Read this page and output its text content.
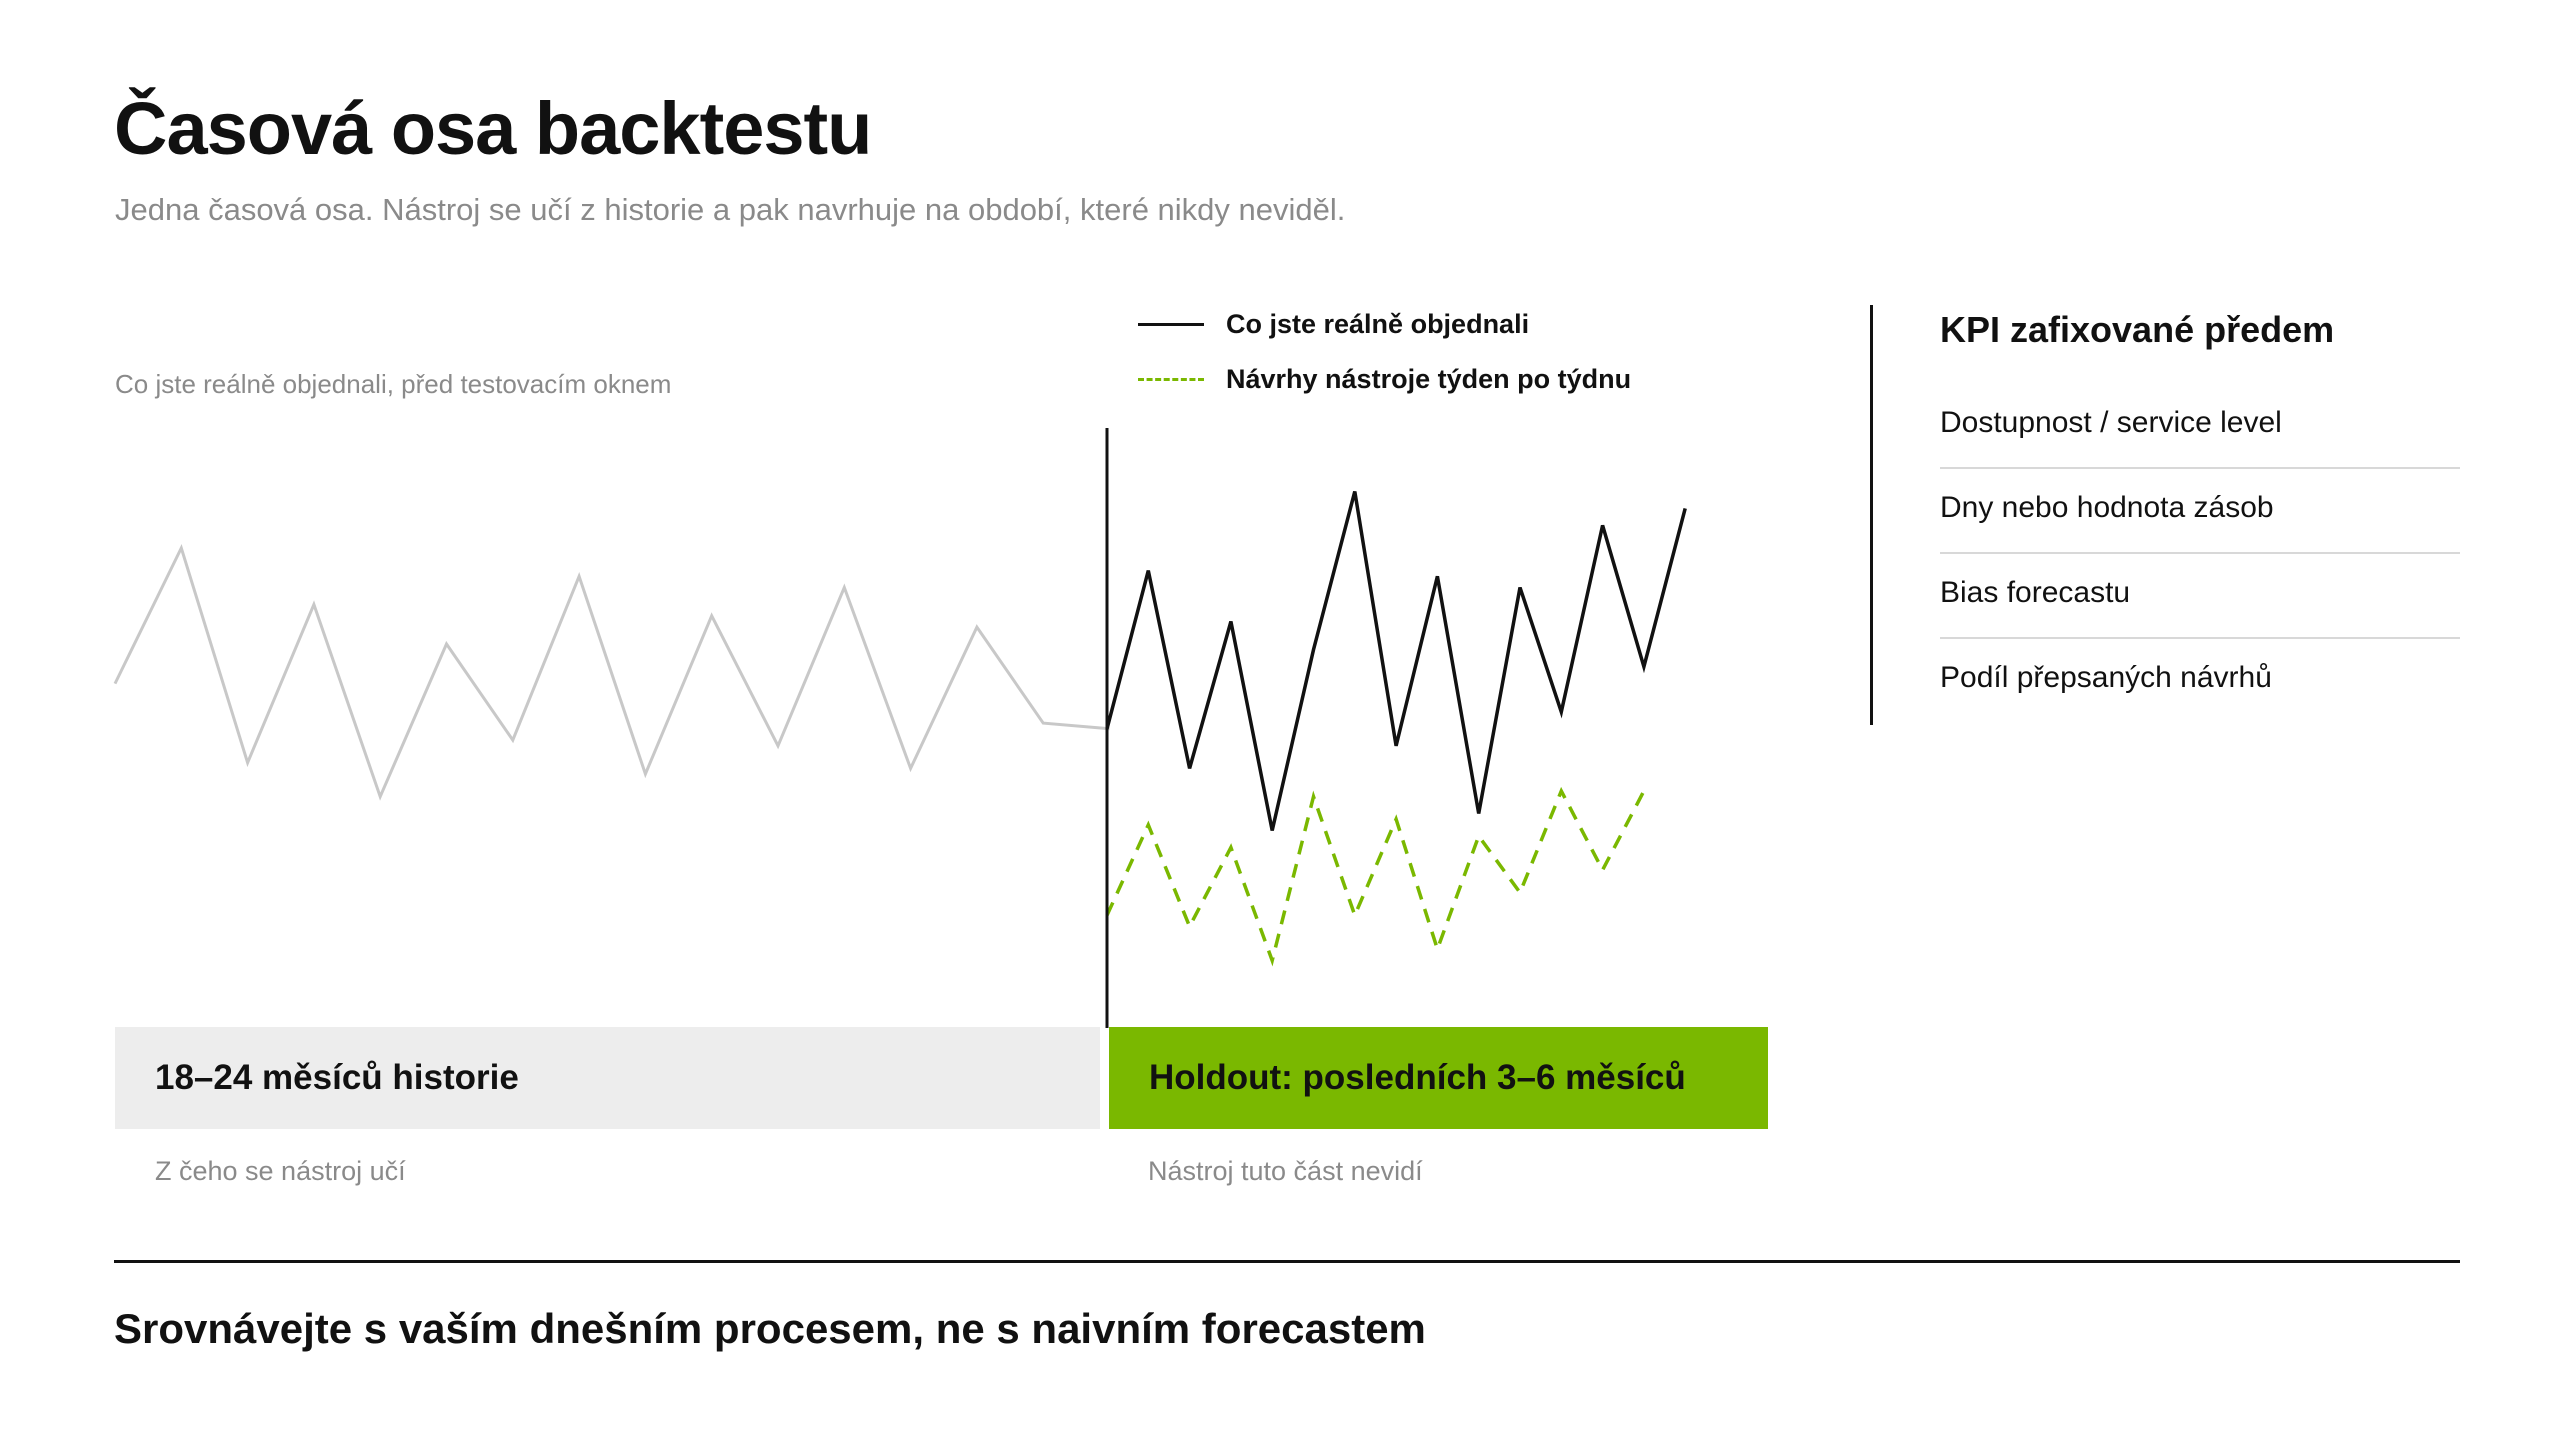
Časová osa backtestu
Jedna časová osa. Nástroj se učí z historie a pak navrhuje na období, které nikdy neviděl.
Co jste reálně objednali, před testovacím oknem
Co jste reálně objednali
Návrhy nástroje týden po týdnu
18–24 měsíců historie	Holdout: posledních 3–6 měsíců
Z čeho se nástroj učí	Nástroj tuto část nevidí
KPI zafixované předem
Dostupnost / service level
Dny nebo hodnota zásob
Bias forecastu
Podíl přepsaných návrhů
Srovnávejte s vaším dnešním procesem, ne s naivním forecastem
